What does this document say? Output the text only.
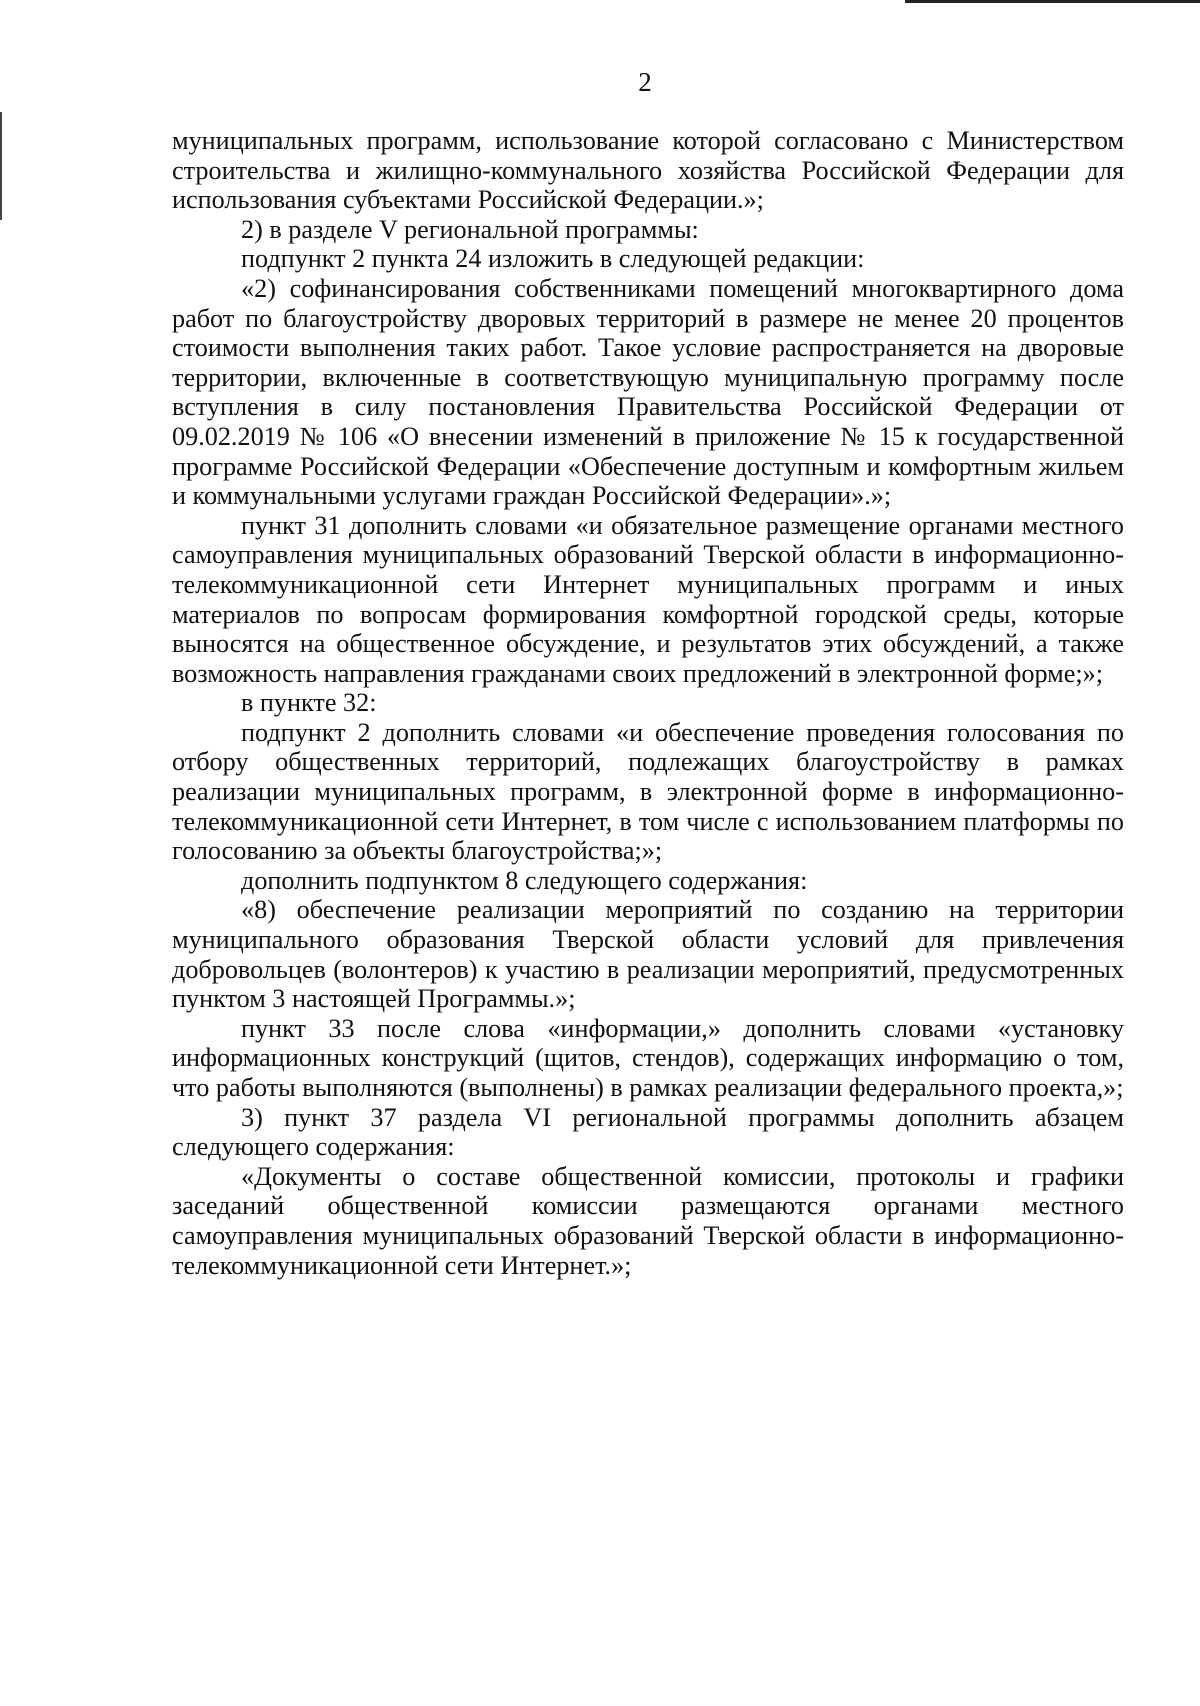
2

муниципальных программ, использование которой согласовано с Министерством строительства и жилищно-коммунального хозяйства Российской Федерации для использования субъектами Российской Федерации.»;

2) в разделе V региональной программы:

подпункт 2 пункта 24 изложить в следующей редакции:

«2) софинансирования собственниками помещений многоквартирного дома работ по благоустройству дворовых территорий в размере не менее 20 процентов стоимости выполнения таких работ. Такое условие распространяется на дворовые территории, включенные в соответствующую муниципальную программу после вступления в силу постановления Правительства Российской Федерации от 09.02.2019 № 106 «О внесении изменений в приложение № 15 к государственной программе Российской Федерации «Обеспечение доступным и комфортным жильем и коммунальными услугами граждан Российской Федерации».»;

пункт 31 дополнить словами «и обязательное размещение органами местного самоуправления муниципальных образований Тверской области в информационно-телекоммуникационной сети Интернет муниципальных программ и иных материалов по вопросам формирования комфортной городской среды, которые выносятся на общественное обсуждение, и результатов этих обсуждений, а также возможность направления гражданами своих предложений в электронной форме;»;

в пункте 32:

подпункт 2 дополнить словами «и обеспечение проведения голосования по отбору общественных территорий, подлежащих благоустройству в рамках реализации муниципальных программ, в электронной форме в информационно-телекоммуникационной сети Интернет, в том числе с использованием платформы по голосованию за объекты благоустройства;»;

дополнить подпунктом 8 следующего содержания:

«8) обеспечение реализации мероприятий по созданию на территории муниципального образования Тверской области условий для привлечения добровольцев (волонтеров) к участию в реализации мероприятий, предусмотренных пунктом 3 настоящей Программы.»;

пункт 33 после слова «информации,» дополнить словами «установку информационных конструкций (щитов, стендов), содержащих информацию о том, что работы выполняются (выполнены) в рамках реализации федерального проекта,»;

3) пункт 37 раздела VI региональной программы дополнить абзацем следующего содержания:

«Документы о составе общественной комиссии, протоколы и графики заседаний общественной комиссии размещаются органами местного самоуправления муниципальных образований Тверской области в информационно-телекоммуникационной сети Интернет.»;
